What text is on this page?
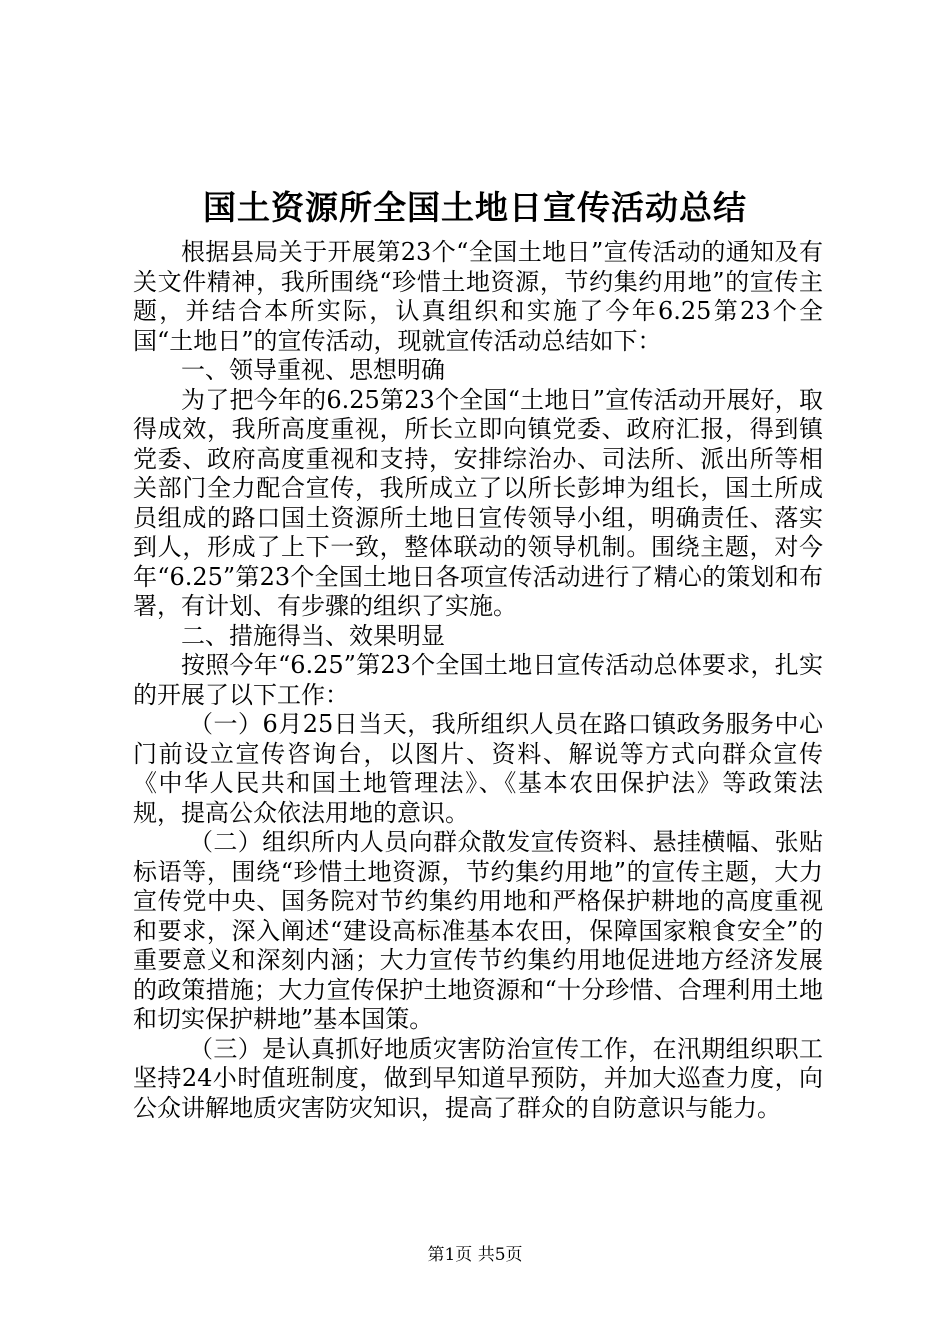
国土资源所全国土地日宣传活动总结

根据县局关于开展第23个“全国土地日”宣传活动的通知及有关文件精神，我所围绕“珍惜土地资源，节约集约用地”的宣传主题，并结合本所实际，认真组织和实施了今年6.25第23个全国“土地日”的宣传活动，现就宣传活动总结如下：

一、领导重视、思想明确

为了把今年的6.25第23个全国“土地日”宣传活动开展好，取得成效，我所高度重视，所长立即向镇党委、政府汇报，得到镇党委、政府高度重视和支持，安排综治办、司法所、派出所等相关部门全力配合宣传，我所成立了以所长彭坤为组长，国土所成员组成的路口国土资源所土地日宣传领导小组，明确责任、落实到人，形成了上下一致，整体联动的领导机制。围绕主题，对今年“6.25”第23个全国土地日各项宣传活动进行了精心的策划和布署，有计划、有步骤的组织了实施。

二、措施得当、效果明显

按照今年“6.25”第23个全国土地日宣传活动总体要求，扎实的开展了以下工作：

（一）6月25日当天，我所组织人员在路口镇政务服务中心门前设立宣传咨询台，以图片、资料、解说等方式向群众宣传《中华人民共和国土地管理法》、《基本农田保护法》等政策法规，提高公众依法用地的意识。

（二）组织所内人员向群众散发宣传资料、悬挂横幅、张贴标语等，围绕“珍惜土地资源，节约集约用地”的宣传主题，大力宣传党中央、国务院对节约集约用地和严格保护耕地的高度重视和要求，深入阐述“建设高标准基本农田，保障国家粮食安全”的重要意义和深刻内涵；大力宣传节约集约用地促进地方经济发展的政策措施；大力宣传保护土地资源和“十分珍惜、合理利用土地和切实保护耕地”基本国策。

（三）是认真抓好地质灾害防治宣传工作，在汛期组织职工坚持24小时值班制度，做到早知道早预防，并加大巡查力度，向公众讲解地质灾害防灾知识，提高了群众的自防意识与能力。

第1页 共5页
